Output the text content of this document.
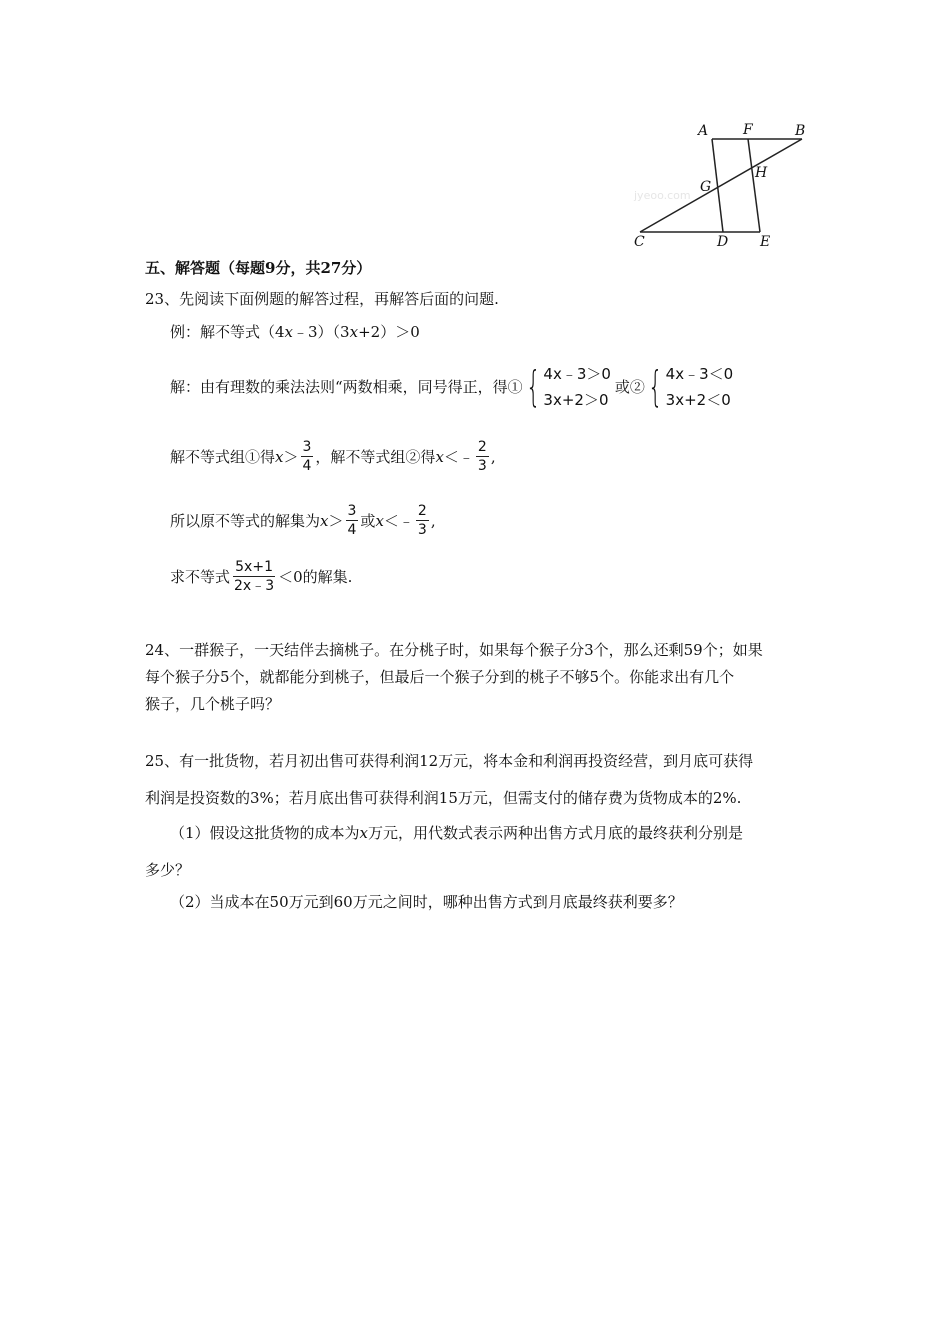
jyeoo.com
A F	B
G
H
C	D E
五、解答题（每题9分，共27分）
23、先阅读下面例题的解答过程，再解答后面的问题.
例：解不等式（4x﹣3）（3x+2）＞0
解：由有理数的乘法法则“两数相乘，同号得正，得① { 4x﹣3＞0
3x+2＞0
或② { 4x﹣3＜0
3x+2＜0
解不等式组①得 $x > \frac{3}{4}$ ，解不等式组②得 x ＜﹣ $\frac{2}{3}$ ,
所以原不等式的解集为 $x > \frac{3}{4}$ 或 x ＜﹣ $\frac{2}{3}$ ,
求不等式 $\frac{5x+1}{2x﹣3} <0$的解集.
24、一群猴子，一天结伴去摘桃子。在分桃子时，如果每个猴子分3个，那么还剩59个；如果
每个猴子分5个，就都能分到桃子，但最后一个猴子分到的桃子不够5个。你能求出有几个
猴子，几个桃子吗？
25、有一批货物，若月初出售可获得利润12万元，将本金和利润再投资经营，到月底可获得
利润是投资数的3%；若月底出售可获得利润15万元，但需支付的储存费为货物成本的2%.
（1）假设这批货物的成本为x万元，用代数式表示两种出售方式月底的最终获利分别是
多少？
（2）当成本在50万元到60万元之间时，哪种出售方式到月底最终获利要多？
